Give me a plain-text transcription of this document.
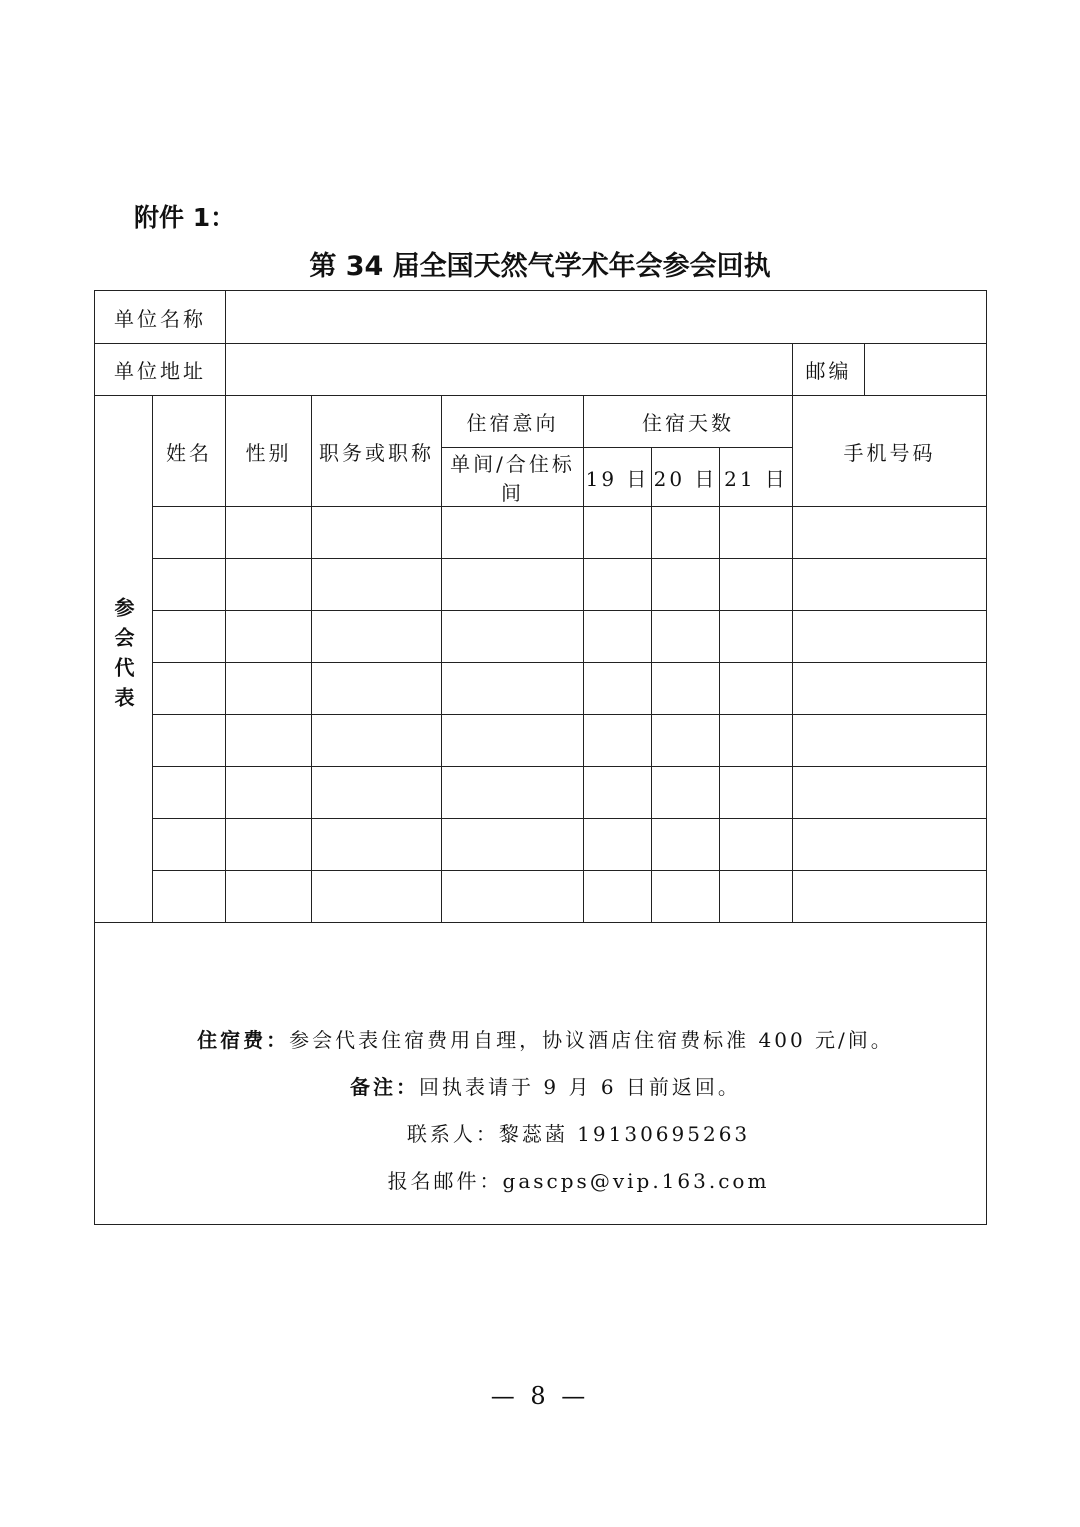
附件 1：
第 34 届全国天然气学术年会参会回执
单位名称									
单位地址								邮编	
参会代表	姓名	性别	职务或职称	住宿意向	住宿天数			手机号码	
				单间/合住标间	19 日	20 日	21 日		

住宿费：参会代表住宿费用自理，协议酒店住宿费标准 400 元/间。
备注：回执表请于 9 月 6 日前返回。
联系人：黎蕊菡 19130695263
报名邮件：gascps@vip.163.com									
— 8 —
